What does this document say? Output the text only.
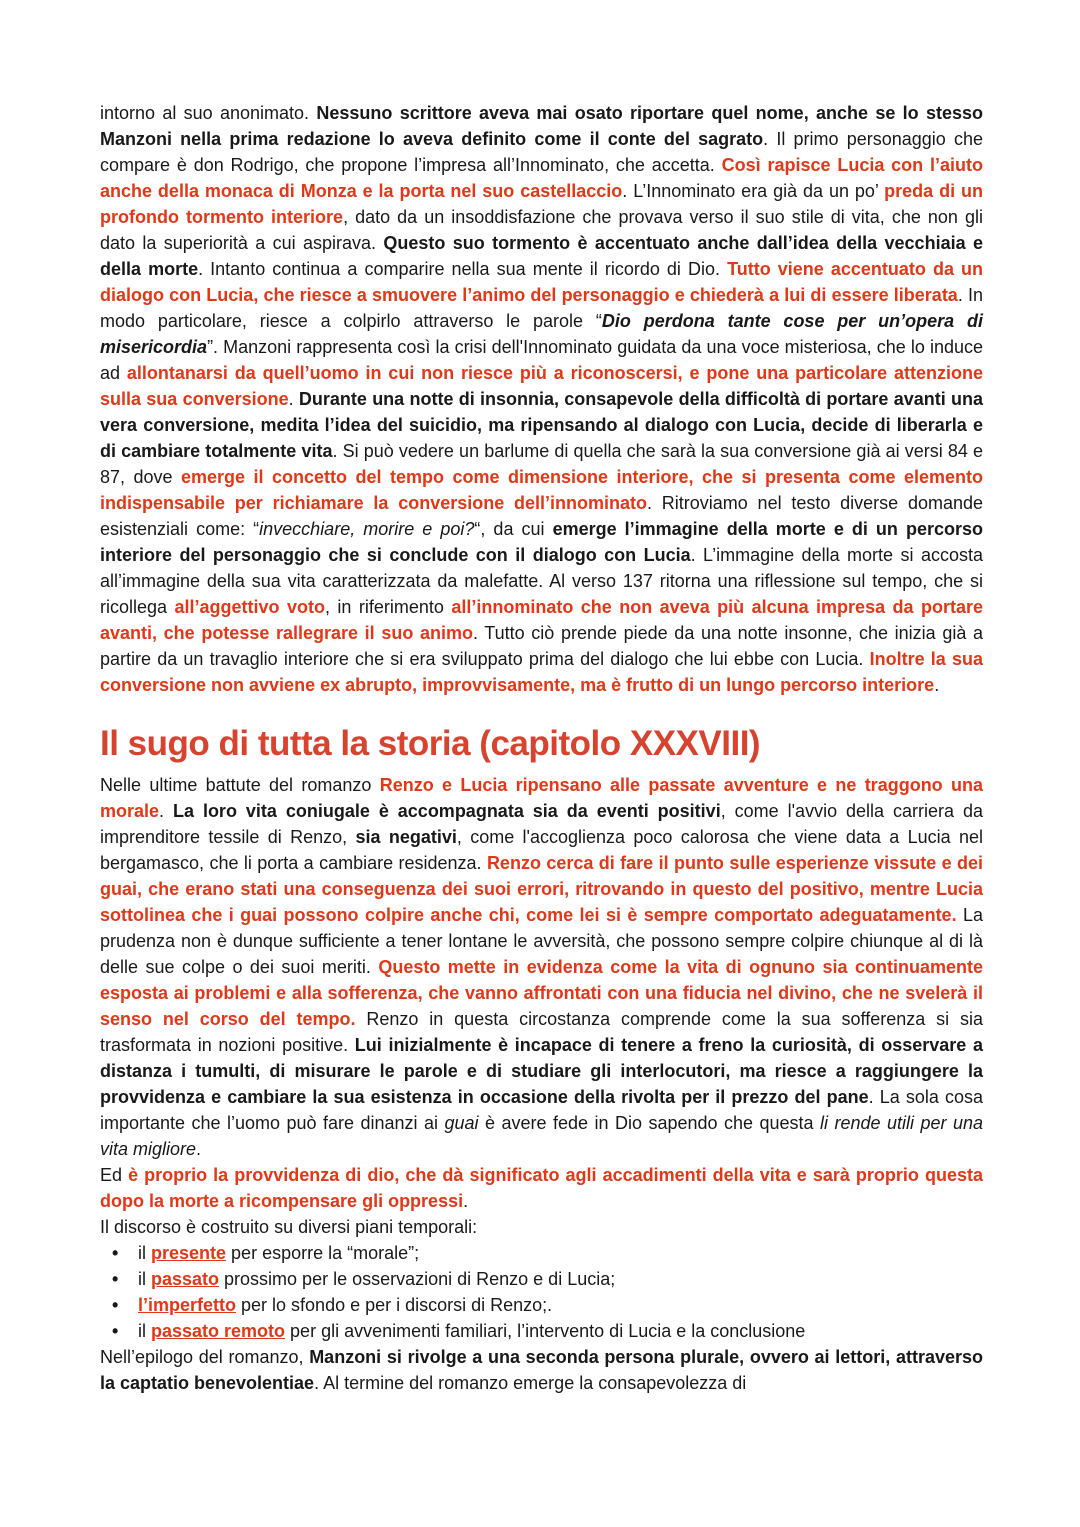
intorno al suo anonimato. Nessuno scrittore aveva mai osato riportare quel nome, anche se lo stesso Manzoni nella prima redazione lo aveva definito come il conte del sagrato. Il primo personaggio che compare è don Rodrigo, che propone l’impresa all’Innominato, che accetta. Così rapisce Lucia con l’aiuto anche della monaca di Monza e la porta nel suo castellaccio. L’Innominato era già da un po’ preda di un profondo tormento interiore, dato da un insoddisfazione che provava verso il suo stile di vita, che non gli dato la superiorità a cui aspirava. Questo suo tormento è accentuato anche dall’idea della vecchiaia e della morte. Intanto continua a comparire nella sua mente il ricordo di Dio. Tutto viene accentuato da un dialogo con Lucia, che riesce a smuovere l’animo del personaggio e chiederà a lui di essere liberata. In modo particolare, riesce a colpirlo attraverso le parole “Dio perdona tante cose per un’opera di misericordia”. Manzoni rappresenta così la crisi dell'Innominato guidata da una voce misteriosa, che lo induce ad allontanarsi da quell’uomo in cui non riesce più a riconoscersi, e pone una particolare attenzione sulla sua conversione. Durante una notte di insonnia, consapevole della difficoltà di portare avanti una vera conversione, medita l’idea del suicidio, ma ripensando al dialogo con Lucia, decide di liberarla e di cambiare totalmente vita. Si può vedere un barlume di quella che sarà la sua conversione già ai versi 84 e 87, dove emerge il concetto del tempo come dimensione interiore, che si presenta come elemento indispensabile per richiamare la conversione dell’innominato. Ritroviamo nel testo diverse domande esistenziali come: “invecchiare, morire e poi?“, da cui emerge l’immagine della morte e di un percorso interiore del personaggio che si conclude con il dialogo con Lucia. L’immagine della morte si accosta all’immagine della sua vita caratterizzata da malefatte. Al verso 137 ritorna una riflessione sul tempo, che si ricollega all’aggettivo voto, in riferimento all’innominato che non aveva più alcuna impresa da portare avanti, che potesse rallegrare il suo animo. Tutto ciò prende piede da una notte insonne, che inizia già a partire da un travaglio interiore che si era sviluppato prima del dialogo che lui ebbe con Lucia. Inoltre la sua conversione non avviene ex abrupto, improvvisamente, ma è frutto di un lungo percorso interiore.

Il sugo di tutta la storia (capitolo XXXVIII)

Nelle ultime battute del romanzo Renzo e Lucia ripensano alle passate avventure e ne traggono una morale. La loro vita coniugale è accompagnata sia da eventi positivi, come l'avvio della carriera da imprenditore tessile di Renzo, sia negativi, come l'accoglienza poco calorosa che viene data a Lucia nel bergamasco, che li porta a cambiare residenza. Renzo cerca di fare il punto sulle esperienze vissute e dei guai, che erano stati una conseguenza dei suoi errori, ritrovando in questo del positivo, mentre Lucia sottolinea che i guai possono colpire anche chi, come lei si è sempre comportato adeguatamente. La prudenza non è dunque sufficiente a tener lontane le avversità, che possono sempre colpire chiunque al di là delle sue colpe o dei suoi meriti. Questo mette in evidenza come la vita di ognuno sia continuamente esposta ai problemi e alla sofferenza, che vanno affrontati con una fiducia nel divino, che ne svelerà il senso nel corso del tempo. Renzo in questa circostanza comprende come la sua sofferenza si sia trasformata in nozioni positive. Lui inizialmente è incapace di tenere a freno la curiosità, di osservare a distanza i tumulti, di misurare le parole e di studiare gli interlocutori, ma riesce a raggiungere la provvidenza e cambiare la sua esistenza in occasione della rivolta per il prezzo del pane. La sola cosa importante che l’uomo può fare dinanzi ai guai è avere fede in Dio sapendo che questa li rende utili per una vita migliore.

Ed è proprio la provvidenza di dio, che dà significato agli accadimenti della vita e sarà proprio questa dopo la morte a ricompensare gli oppressi.

Il discorso è costruito su diversi piani temporali:

• il presente per esporre la “morale”;
• il passato prossimo per le osservazioni di Renzo e di Lucia;
• l’imperfetto per lo sfondo e per i discorsi di Renzo;.
• il passato remoto per gli avvenimenti familiari, l’intervento di Lucia e la conclusione

Nell’epilogo del romanzo, Manzoni si rivolge a una seconda persona plurale, ovvero ai lettori, attraverso la captatio benevolentiae. Al termine del romanzo emerge la consapevolezza di
